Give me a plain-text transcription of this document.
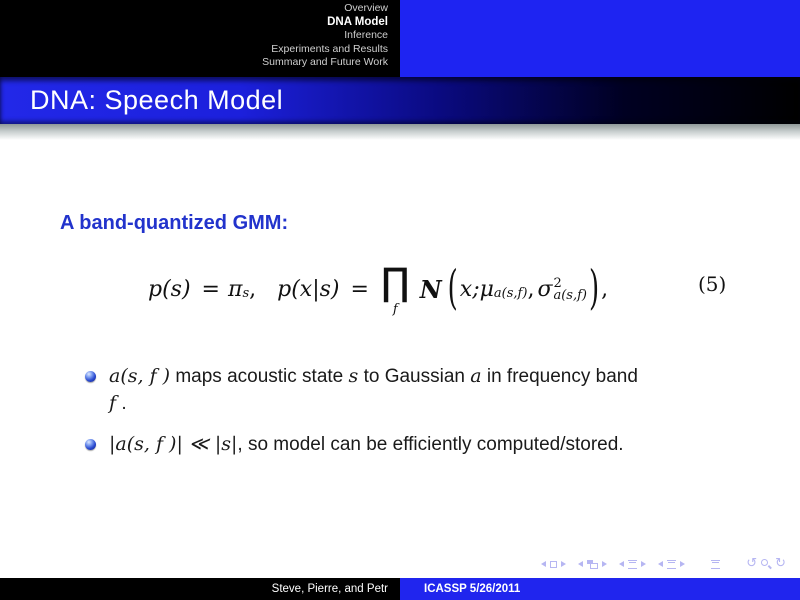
Overview
DNA Model
Inference
Experiments and Results
Summary and Future Work
DNA: Speech Model
A band-quantized GMM:
$p(s) = \pi_s$ , p(x|s) = ∏
f
N ( x; $\mu_{a(s,f)}$ , σ 2
a(s,f) ) ,	(5)
a(s, f ) maps acoustic state s to Gaussian a in frequency band
f .
|a(s, f )| ≪ |s|, so model can be efficiently computed/stored.
↺ ↻
Steve, Pierre, and Petr	ICASSP 5/26/2011
